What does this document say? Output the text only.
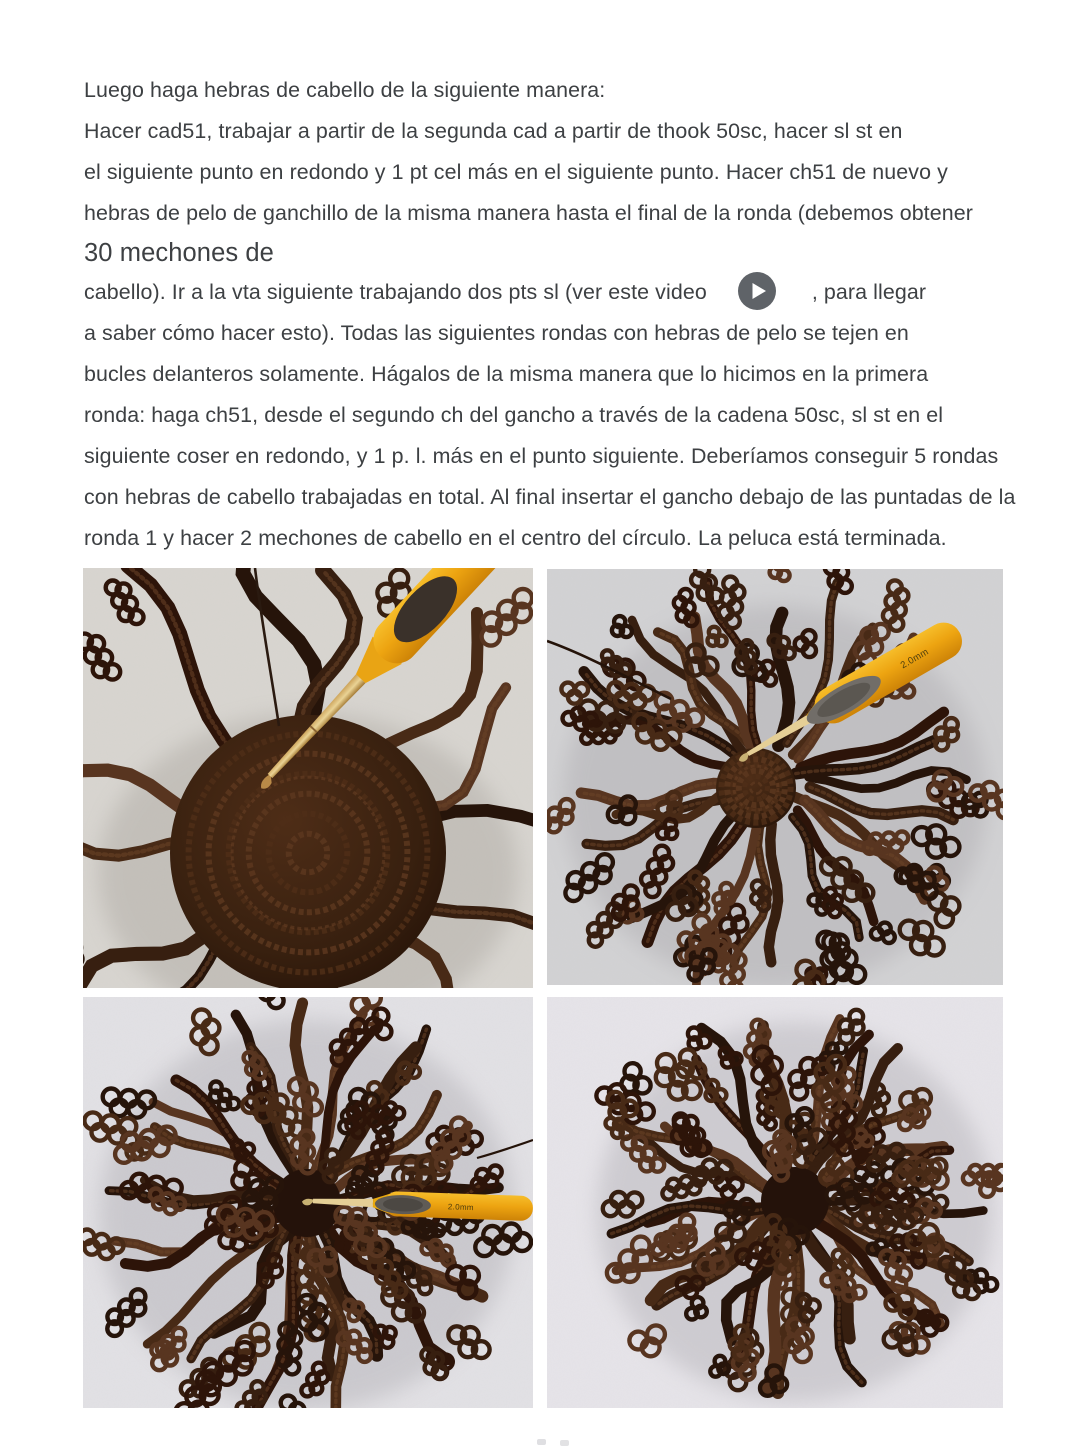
Luego haga hebras de cabello de la siguiente manera:
Hacer cad51, trabajar a partir de la segunda cad a partir de thook 50sc, hacer sl st en
el siguiente punto en redondo y 1 pt cel más en el siguiente punto. Hacer ch51 de nuevo y
hebras de pelo de ganchillo de la misma manera hasta el final de la ronda (debemos obtener
30 mechones de
cabello). Ir a la vta siguiente trabajando dos pts sl (ver este video	, para llegar
a saber cómo hacer esto). Todas las siguientes rondas con hebras de pelo se tejen en
bucles delanteros solamente. Hágalos de la misma manera que lo hicimos en la primera
ronda: haga ch51, desde el segundo ch del gancho a través de la cadena 50sc, sl st en el
siguiente coser en redondo, y 1 p. l. más en el punto siguiente. Deberíamos conseguir 5 rondas
con hebras de cabello trabajadas en total. Al final insertar el gancho debajo de las puntadas de la
ronda 1 y hacer 2 mechones de cabello en el centro del círculo. La peluca está terminada.
2.0mm
2.0mm
